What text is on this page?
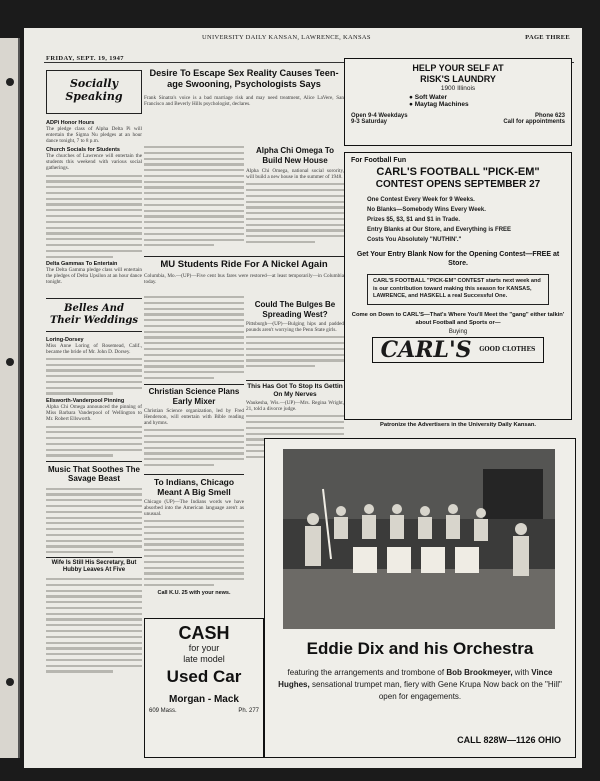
UNIVERSITY DAILY KANSAN, LAWRENCE, KANSAS	PAGE THREE
FRIDAY, SEPT. 19, 1947
Socially Speaking
ADPi Honor Hours
The pledge class of Alpha Delta Pi will entertain the Sigma Nu pledges at an hour dance tonight, 7 to 8 p.m.
Church Socials for Students
The churches of Lawrence will entertain the students this weekend with various social gatherings.
Delta Gammas To Entertain
The Delta Gamma pledge class will entertain the pledges of Delta Upsilon at an hour dance tonight.
Belles And Their Weddings
Loring-Dorsey
Miss Anne Loring of Rosemead, Calif., became the bride of Mr. John D. Dorsey.
Ellsworth-Vanderpool Pinning
Alpha Chi Omega announced the pinning of Miss Barbara Vanderpool of Wellington to Mr. Robert Ellsworth.
Music That Soothes The Savage Beast
Wife Is Still His Secretary, But Hubby Leaves At Five
Desire To Escape Sex Reality Causes Teen-age Swooning, Psychologists Says
Frank Sinatra's voice is a bad marriage risk and may need treatment, Alice LaVere, San Francisco and Beverly Hills psychologist, declares.
Alpha Chi Omega To Build New House
Alpha Chi Omega, national social sorority, will build a new house in the summer of 1948.
MU Students Ride For A Nickel Again
Columbia, Mo.—(UP)—Five cent bus fares were restored—at least temporarily—in Columbia today.
Could The Bulges Be Spreading West?
Pittsburgh—(UP)—Bulging hips and padded pounds aren't worrying the Penn State girls.
Christian Science Plans Early Mixer
Christian Science organization, led by Fred Henderson, will entertain with Bible reading and hymns.
This Has Got To Stop Its Gettin On My Nerves
Waukesha, Wis.—(UP)—Mrs. Regina Wright, 21, told a divorce judge.
To Indians, Chicago Meant A Big Smell
Chicago (UP)—The Indians words we have absorbed into the American language aren't as unusual.
Call K.U. 25 with your news.
CASH
for your
late model
Used Car
Morgan - Mack
609 Mass.	Ph. 277
HELP YOUR SELF AT
RISK'S LAUNDRY
1900 Illinois
● Soft Water
● Maytag Machines
Open 9-4 Weekdays
9-3 Saturday
Phone 623
Call for appointments
For Football Fun
CARL'S FOOTBALL "PICK-EM"
CONTEST OPENS SEPTEMBER 27
One Contest Every Week for 9 Weeks.
No Blanks—Somebody Wins Every Week.
Prizes $5, $3, $1 and $1 in Trade.
Entry Blanks at Our Store, and Everything is FREE
Costs You Absolutely "NUTHIN'."
Get Your Entry Blank Now for the Opening Contest—FREE at Store.
CARL'S FOOTBALL "PICK-EM" CONTEST starts next week and is our contribution toward making this season for KANSAS, LAWRENCE, and HASKELL a real Successful One.
Come on Down to CARL'S—That's Where You'll Meet the "gang" either talkin' about Football and Sports or—
Buying
CARL'S GOOD CLOTHES
Patronize the Advertisers in the University Daily Kansan.
Eddie Dix and his Orchestra
featuring the arrangements and trombone of Bob Brookmeyer, with Vince Hughes, sensational trumpet man, fiery with Gene Krupa Now back on the "Hill" open for engagements.
CALL 828W—1126 OHIO
